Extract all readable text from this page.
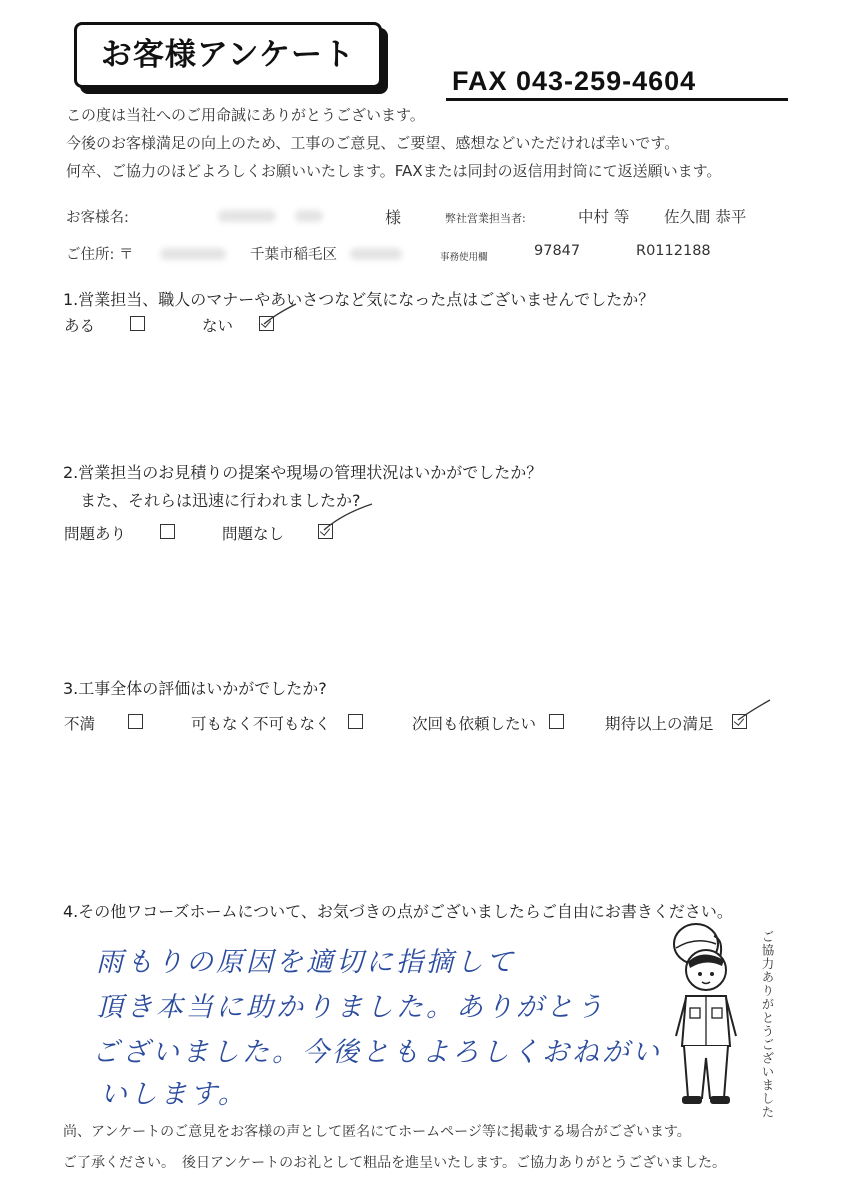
お客様アンケート
FAX 043-259-4604
この度は当社へのご用命誠にありがとうございます。
今後のお客様満足の向上のため、工事のご意見、ご要望、感想などいただければ幸いです。
何卒、ご協力のほどよろしくお願いいたします。FAXまたは同封の返信用封筒にて返送願います。
お客様名:	様	弊社営業担当者:	中村 等 佐久間 恭平
ご住所: 〒	千葉市稲毛区	事務使用欄	97847	R0112188
1.営業担当、職人のマナーやあいさつなど気になった点はございませんでしたか？
ある	ない
2.営業担当のお見積りの提案や現場の管理状況はいかがでしたか？
また、それらは迅速に行われましたか?
問題あり	問題なし
3.工事全体の評価はいかがでしたか?
不満	可もなく不可もなく	次回も依頼したい	期待以上の満足
4.その他ワコーズホームについて、お気づきの点がございましたらご自由にお書きください。
雨もりの原因を適切に指摘して
頂き本当に助かりました。ありがとう
ございました。今後ともよろしくおねがい
いします。	ご協力ありがとうございました
尚、アンケートのご意見をお客様の声として匿名にてホームページ等に掲載する場合がございます。
ご了承ください。　後日アンケートのお礼として粗品を進呈いたします。ご協力ありがとうございました。
